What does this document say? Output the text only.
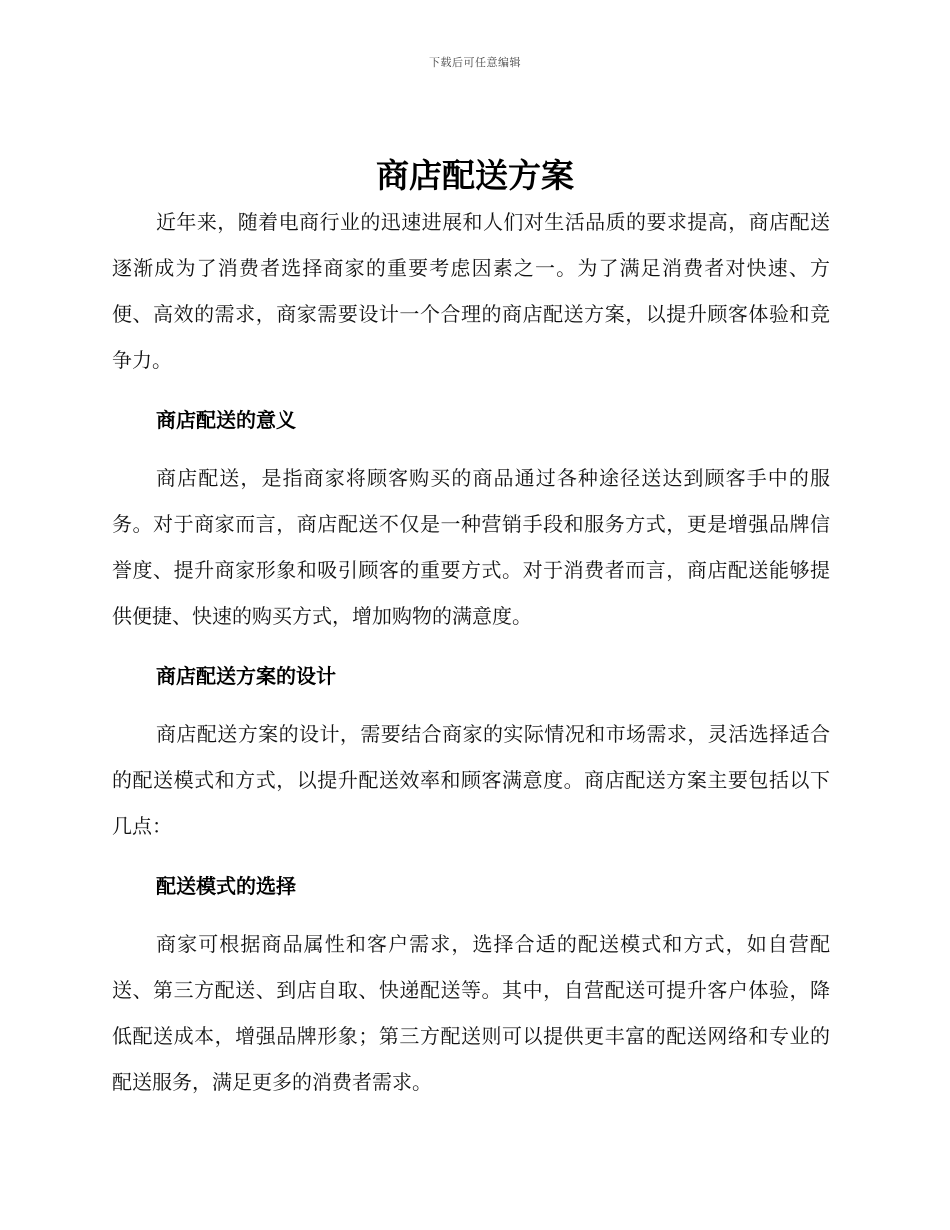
下载后可任意编辑
商店配送方案

近年来，随着电商行业的迅速进展和人们对生活品质的要求提高，商店配送逐渐成为了消费者选择商家的重要考虑因素之一。为了满足消费者对快速、方便、高效的需求，商家需要设计一个合理的商店配送方案，以提升顾客体验和竞争力。

商店配送的意义

商店配送，是指商家将顾客购买的商品通过各种途径送达到顾客手中的服务。对于商家而言，商店配送不仅是一种营销手段和服务方式，更是增强品牌信誉度、提升商家形象和吸引顾客的重要方式。对于消费者而言，商店配送能够提供便捷、快速的购买方式，增加购物的满意度。

商店配送方案的设计

商店配送方案的设计，需要结合商家的实际情况和市场需求，灵活选择适合的配送模式和方式，以提升配送效率和顾客满意度。商店配送方案主要包括以下几点：

配送模式的选择

商家可根据商品属性和客户需求，选择合适的配送模式和方式，如自营配送、第三方配送、到店自取、快递配送等。其中，自营配送可提升客户体验，降低配送成本，增强品牌形象；第三方配送则可以提供更丰富的配送网络和专业的配送服务，满足更多的消费者需求。
